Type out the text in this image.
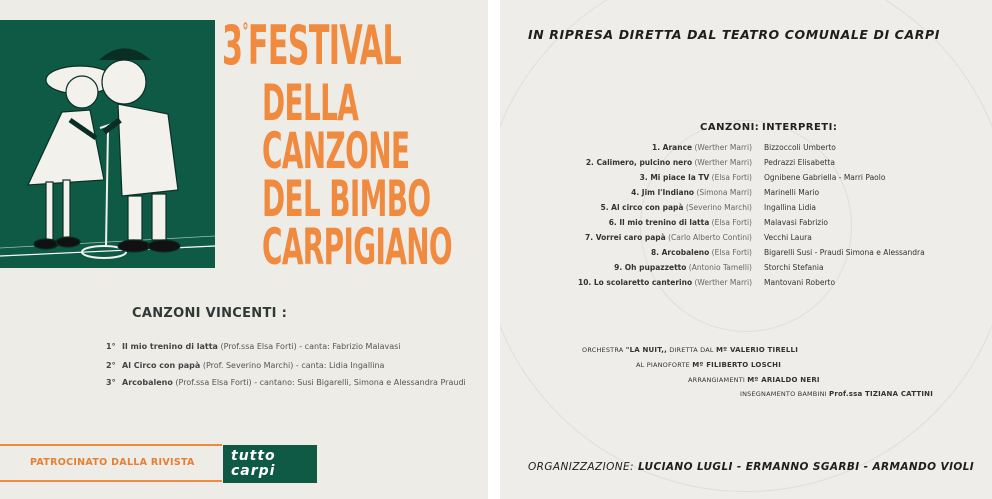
3°FESTIVAL
DELLA
CANZONE
DEL BIMBO
CARPIGIANO
CANZONI VINCENTI :
1° Il mio trenino di latta (Prof.ssa Elsa Forti) - canta: Fabrizio Malavasi
2° Al Circo con papà (Prof. Severino Marchi) - canta: Lidia Ingallina
3° Arcobaleno (Prof.ssa Elsa Forti) - cantano: Susi Bigarelli, Simona e Alessandra Praudi
PATROCINATO DALLA RIVISTA	tutto
carpi
IN RIPRESA DIRETTA DAL TEATRO COMUNALE DI CARPI
CANZONI: INTERPRETI:
1. Arance (Werther Marri) Bizzoccoli Umberto
2. Calimero, pulcino nero (Werther Marri) Pedrazzi Elisabetta
3. Mi piace la TV (Elsa Forti) Ognibene Gabriella - Marri Paolo
4. Jim l'Indiano (Simona Marri) Marinelli Mario
5. Al circo con papà (Severino Marchi) Ingallina Lidia
6. Il mio trenino di latta (Elsa Forti) Malavasi Fabrizio
7. Vorrei caro papà (Carlo Alberto Contini) Vecchi Laura
8. Arcobaleno (Elsa Forti) Bigarelli Susi - Praudi Simona e Alessandra
9. Oh pupazzetto (Antonio Tamelli) Storchi Stefania
10. Lo scolaretto canterino (Werther Marri) Mantovani Roberto
ORCHESTRA "LA NUIT,, DIRETTA DAL Mº VALERIO TIRELLI
AL PIANOFORTE Mº FILIBERTO LOSCHI
ARRANGIAMENTI Mº ARIALDO NERI
INSEGNAMENTO BAMBINI Prof.ssa TIZIANA CATTINI
ORGANIZZAZIONE: LUCIANO LUGLI - ERMANNO SGARBI - ARMANDO VIOLI
